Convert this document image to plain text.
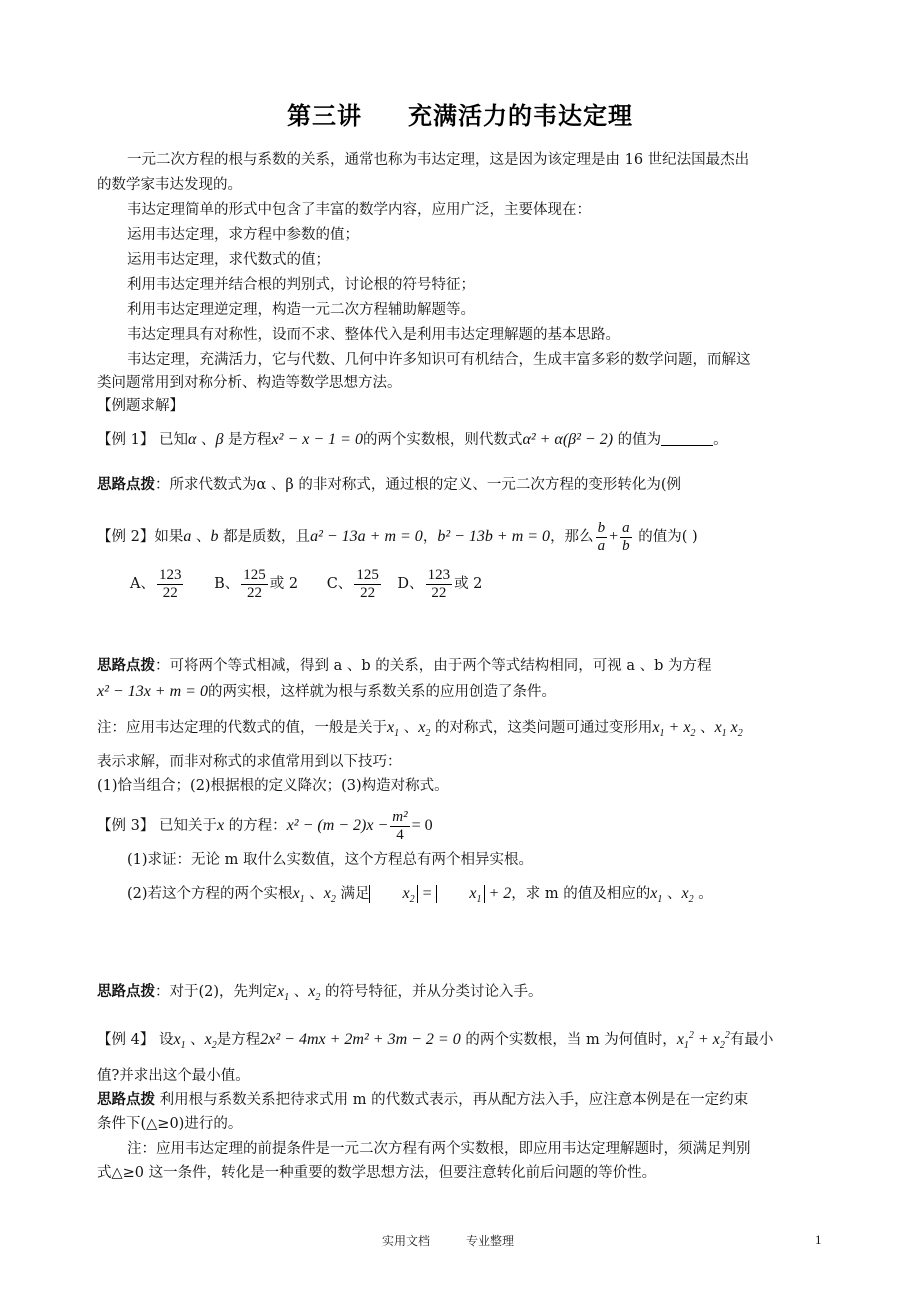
第三讲 充满活力的韦达定理
一元二次方程的根与系数的关系，通常也称为韦达定理，这是因为该定理是由 16 世纪法国最杰出
的数学家韦达发现的。
韦达定理简单的形式中包含了丰富的数学内容，应用广泛，主要体现在：
运用韦达定理，求方程中参数的值；
运用韦达定理，求代数式的值；
利用韦达定理并结合根的判别式，讨论根的符号特征；
利用韦达定理逆定理，构造一元二次方程辅助解题等。
韦达定理具有对称性，设而不求、整体代入是利用韦达定理解题的基本思路。
韦达定理，充满活力，它与代数、几何中许多知识可有机结合，生成丰富多彩的数学问题，而解这
类问题常用到对称分析、构造等数学思想方法。
【例题求解】
【例 1】 已知α 、β 是方程x² − x − 1 = 0的两个实数根，则代数式α² + α(β² − 2) 的值为	。
思路点拨：所求代数式为α 、β 的非对称式，通过根的定义、一元二次方程的变形转化为(例
【例 2】如果a 、b 都是质数，且a² − 13a + m = 0，b² − 13b + m = 0，那么 $\frac{b}{a} + \frac{a}{b}$ 的值为( )
A、 $\frac{123}{22}$ B、 $\frac{125}{22}$ 或 2 C、 $\frac{125}{22}$ D、 $\frac{123}{22}$ 或 2
思路点拨：可将两个等式相减，得到 a 、b 的关系，由于两个等式结构相同，可视 a 、b 为方程
x² − 13x + m = 0的两实根，这样就为根与系数关系的应用创造了条件。
注：应用韦达定理的代数式的值，一般是关于$x_1$ 、$x_2$ 的对称式，这类问题可通过变形用$x_1 + x_2$ 、$x_1$ $x_2$
表示求解，而非对称式的求值常用到以下技巧：
(1)恰当组合；(2)根据根的定义降次；(3)构造对称式。
【例 3】 已知关于x 的方程：$x^2 - (m - 2)x - \frac{\text{m²}}{4} = 0$
(1)求证：无论 m 取什么实数值，这个方程总有两个相异实根。
(2)若这个方程的两个实根$x_1$ 、$x_2$ 满足 $x_2 = x_1 + 2$，求 m 的值及相应的$x_1$ 、$x_2$ 。
思路点拨：对于(2)，先判定$x_1$ 、$x_2$ 的符号特征，并从分类讨论入手。
【例 4】 设$x_1$ 、$x_2$是方程2x² − 4mx + 2m² + 3m − 2 = 0 的两个实数根，当 m 为何值时，$x_1^2 + x_2^2$有最小
值?并求出这个最小值。
思路点拨 利用根与系数关系把待求式用 m 的代数式表示，再从配方法入手，应注意本例是在一定约束
条件下(△≥0)进行的。
注：应用韦达定理的前提条件是一元二次方程有两个实数根，即应用韦达定理解题时，须满足判别
式△≥0 这一条件，转化是一种重要的数学思想方法，但要注意转化前后问题的等价性。
实用文档	专业整理	1
